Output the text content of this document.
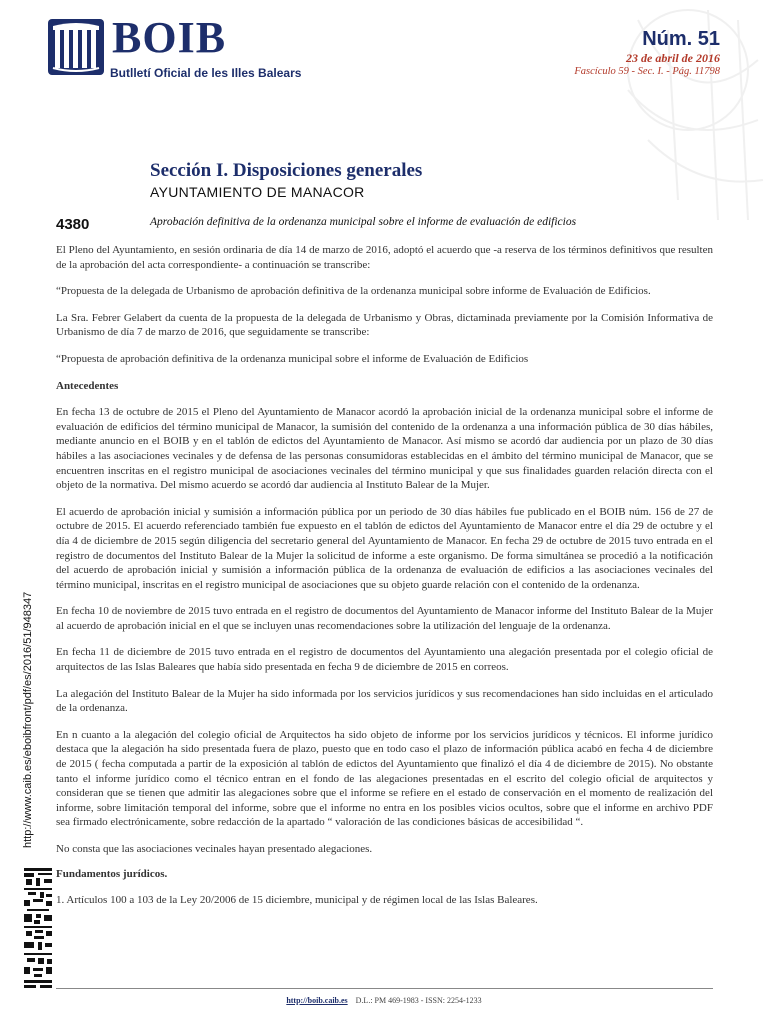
BOIB
Butlletí Oficial de les Illes Balears
Núm. 51
23 de abril de 2016
Fascículo 59 - Sec. I. - Pág. 11798
Sección I. Disposiciones generales
AYUNTAMIENTO DE MANACOR
4380	Aprobación definitiva de la ordenanza municipal sobre el informe de evaluación de edificios

El Pleno del Ayuntamiento, en sesión ordinaria de día 14 de marzo de 2016, adoptó el acuerdo que -a reserva de los términos definitivos que resulten de la aprobación del acta correspondiente- a continuación se transcribe:

“Propuesta de la delegada de Urbanismo de aprobación definitiva de la ordenanza municipal sobre informe de Evaluación de Edificios.

La Sra. Febrer Gelabert da cuenta de la propuesta de la delegada de Urbanismo y Obras, dictaminada previamente por la Comisión Informativa de Urbanismo de día 7 de marzo de 2016, que seguidamente se transcribe:

“Propuesta de aprobación definitiva de la ordenanza municipal sobre el informe de Evaluación de Edificios

Antecedentes

En fecha 13 de octubre de 2015 el Pleno del Ayuntamiento de Manacor acordó la aprobación inicial de la ordenanza municipal sobre el informe de evaluación de edificios del término municipal de Manacor, la sumisión del contenido de la ordenanza a una información pública de 30 días hábiles, mediante anuncio en el BOIB y en el tablón de edictos del Ayuntamiento de Manacor. Así mismo se acordó dar audiencia por un plazo de 30 días hábiles a las asociaciones vecinales y de defensa de las personas consumidoras establecidas en el ámbito del término municipal de Manacor, que se encuentren inscritas en el registro municipal de asociaciones vecinales del término municipal y que sus finalidades guarden relación directa con el objeto de la normativa. Del mismo acuerdo se acordó dar audiencia al Instituto Balear de la Mujer.

El acuerdo de aprobación inicial y sumisión a información pública por un periodo de 30 días hábiles fue publicado en el BOIB núm. 156 de 27 de octubre de 2015. El acuerdo referenciado también fue expuesto en el tablón de edictos del Ayuntamiento de Manacor entre el día 29 de octubre y el día 4 de diciembre de 2015 según diligencia del secretario general del Ayuntamiento de Manacor. En fecha 29 de octubre de 2015 tuvo entrada en el registro de documentos del Instituto Balear de la Mujer la solicitud de informe a este organismo. De forma simultánea se procedió a la notificación del acuerdo de aprobación inicial y sumisión a información pública de la ordenanza de evaluación de edificios a las asociaciones vecinales del término municipal, inscritas en el registro municipal de asociaciones que su objeto guarde relación con el contenido de la ordenanza.

En fecha 10 de noviembre de 2015 tuvo entrada en el registro de documentos del Ayuntamiento de Manacor informe del Instituto Balear de la Mujer al acuerdo de aprobación inicial en el que se incluyen unas recomendaciones sobre la utilización del lenguaje de la ordenanza.

En fecha 11 de diciembre de 2015 tuvo entrada en el registro de documentos del Ayuntamiento una alegación presentada por el colegio oficial de arquitectos de las Islas Baleares que había sido presentada en fecha 9 de diciembre de 2015 en correos.

La alegación del Instituto Balear de la Mujer ha sido informada por los servicios jurídicos y sus recomendaciones han sido incluidas en el articulado de la ordenanza.

En n cuanto a la alegación del colegio oficial de Arquitectos ha sido objeto de informe por los servicios jurídicos y técnicos. El informe jurídico destaca que la alegación ha sido presentada fuera de plazo, puesto que en todo caso el plazo de información pública acabó en fecha 4 de diciembre de 2015 ( fecha computada a partir de la exposición al tablón de edictos del Ayuntamiento que finalizó el día 4 de diciembre de 2015). No obstante tanto el informe jurídico como el técnico entran en el fondo de las alegaciones presentadas en el escrito del colegio oficial de arquitectos y consideran que se tienen que admitir las alegaciones sobre que el informe se refiere en el estado de conservación en el momento de realización del informe, sobre limitación temporal del informe, sobre que el informe no entra en los posibles vicios ocultos, sobre que el informe en archivo PDF sea firmado electrónicamente, sobre redacción de la apartado “ valoración de las condiciones básicas de accesibilidad “.

No consta que las asociaciones vecinales hayan presentado alegaciones.

Fundamentos jurídicos.

1. Artículos 100 a 103 de la Ley 20/2006 de 15 diciembre, municipal y de régimen local de las Islas Baleares.

http://www.caib.es/eboibfront/pdf/es/2016/51/948347
http://boib.caib.es D.L.: PM 469-1983 - ISSN: 2254-1233
